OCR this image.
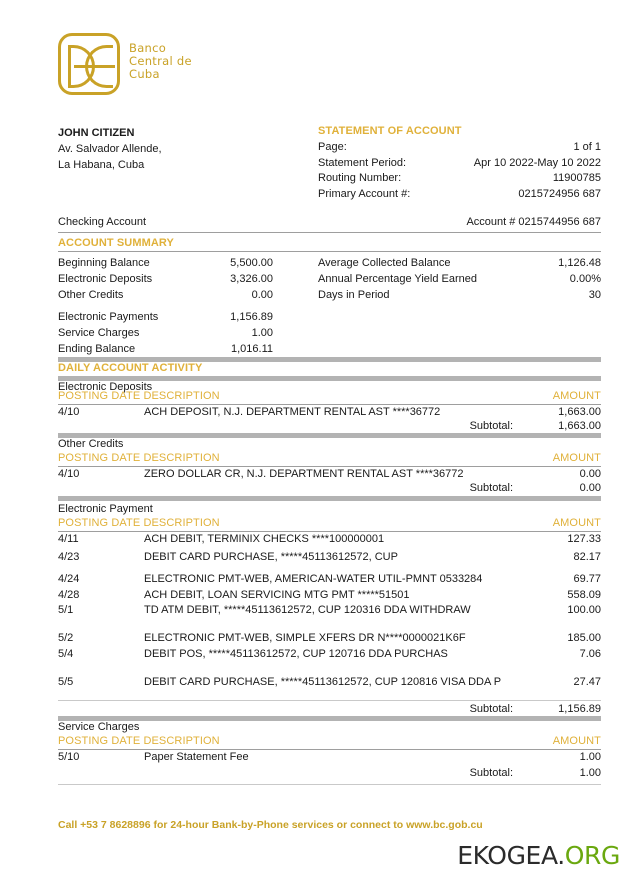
Banco
Central de
Cuba
JOHN CITIZEN
Av. Salvador Allende,
La Habana, Cuba
STATEMENT OF ACCOUNT
Page:	1 of 1
Statement Period:	Apr 10 2022-May 10 2022
Routing Number:	11900785
Primary Account #:	0215724956 687
Checking Account	Account # 0215744956 687
ACCOUNT SUMMARY
Beginning Balance	5,500.00
Electronic Deposits	3,326.00
Other Credits	0.00
Electronic Payments	1,156.89
Service Charges	1.00
Ending Balance	1,016.11
Average Collected Balance	1,126.48
Annual Percentage Yield Earned	0.00%
Days in Period	30
DAILY ACCOUNT ACTIVITY
Electronic Deposits
POSTING DATE DESCRIPTION	AMOUNT
4/10	ACH DEPOSIT, N.J. DEPARTMENT RENTAL AST ****36772	1,663.00
Subtotal:	1,663.00
Other Credits
POSTING DATE DESCRIPTION	AMOUNT
4/10	ZERO DOLLAR CR, N.J. DEPARTMENT RENTAL AST ****36772	0.00
Subtotal:	0.00
Electronic Payment
POSTING DATE DESCRIPTION	AMOUNT
4/11	ACH DEBIT, TERMINIX CHECKS ****100000001	127.33
4/23	DEBIT CARD PURCHASE, *****45113612572, CUP	82.17
4/24	ELECTRONIC PMT-WEB, AMERICAN-WATER UTIL-PMNT 0533284	69.77
4/28	ACH DEBIT, LOAN SERVICING MTG PMT *****51501	558.09
5/1	TD ATM DEBIT, *****45113612572, CUP 120316 DDA WITHDRAW	100.00
5/2	ELECTRONIC PMT-WEB, SIMPLE XFERS DR N****0000021K6F	185.00
5/4	DEBIT POS, *****45113612572, CUP 120716 DDA PURCHAS	7.06
5/5	DEBIT CARD PURCHASE, *****45113612572, CUP 120816 VISA DDA P	27.47
Subtotal:	1,156.89
Service Charges
POSTING DATE DESCRIPTION	AMOUNT
5/10	Paper Statement Fee	1.00
Subtotal:	1.00
Call +53 7 8628896 for 24-hour Bank-by-Phone services or connect to www.bc.gob.cu
EKOGEA.ORG
